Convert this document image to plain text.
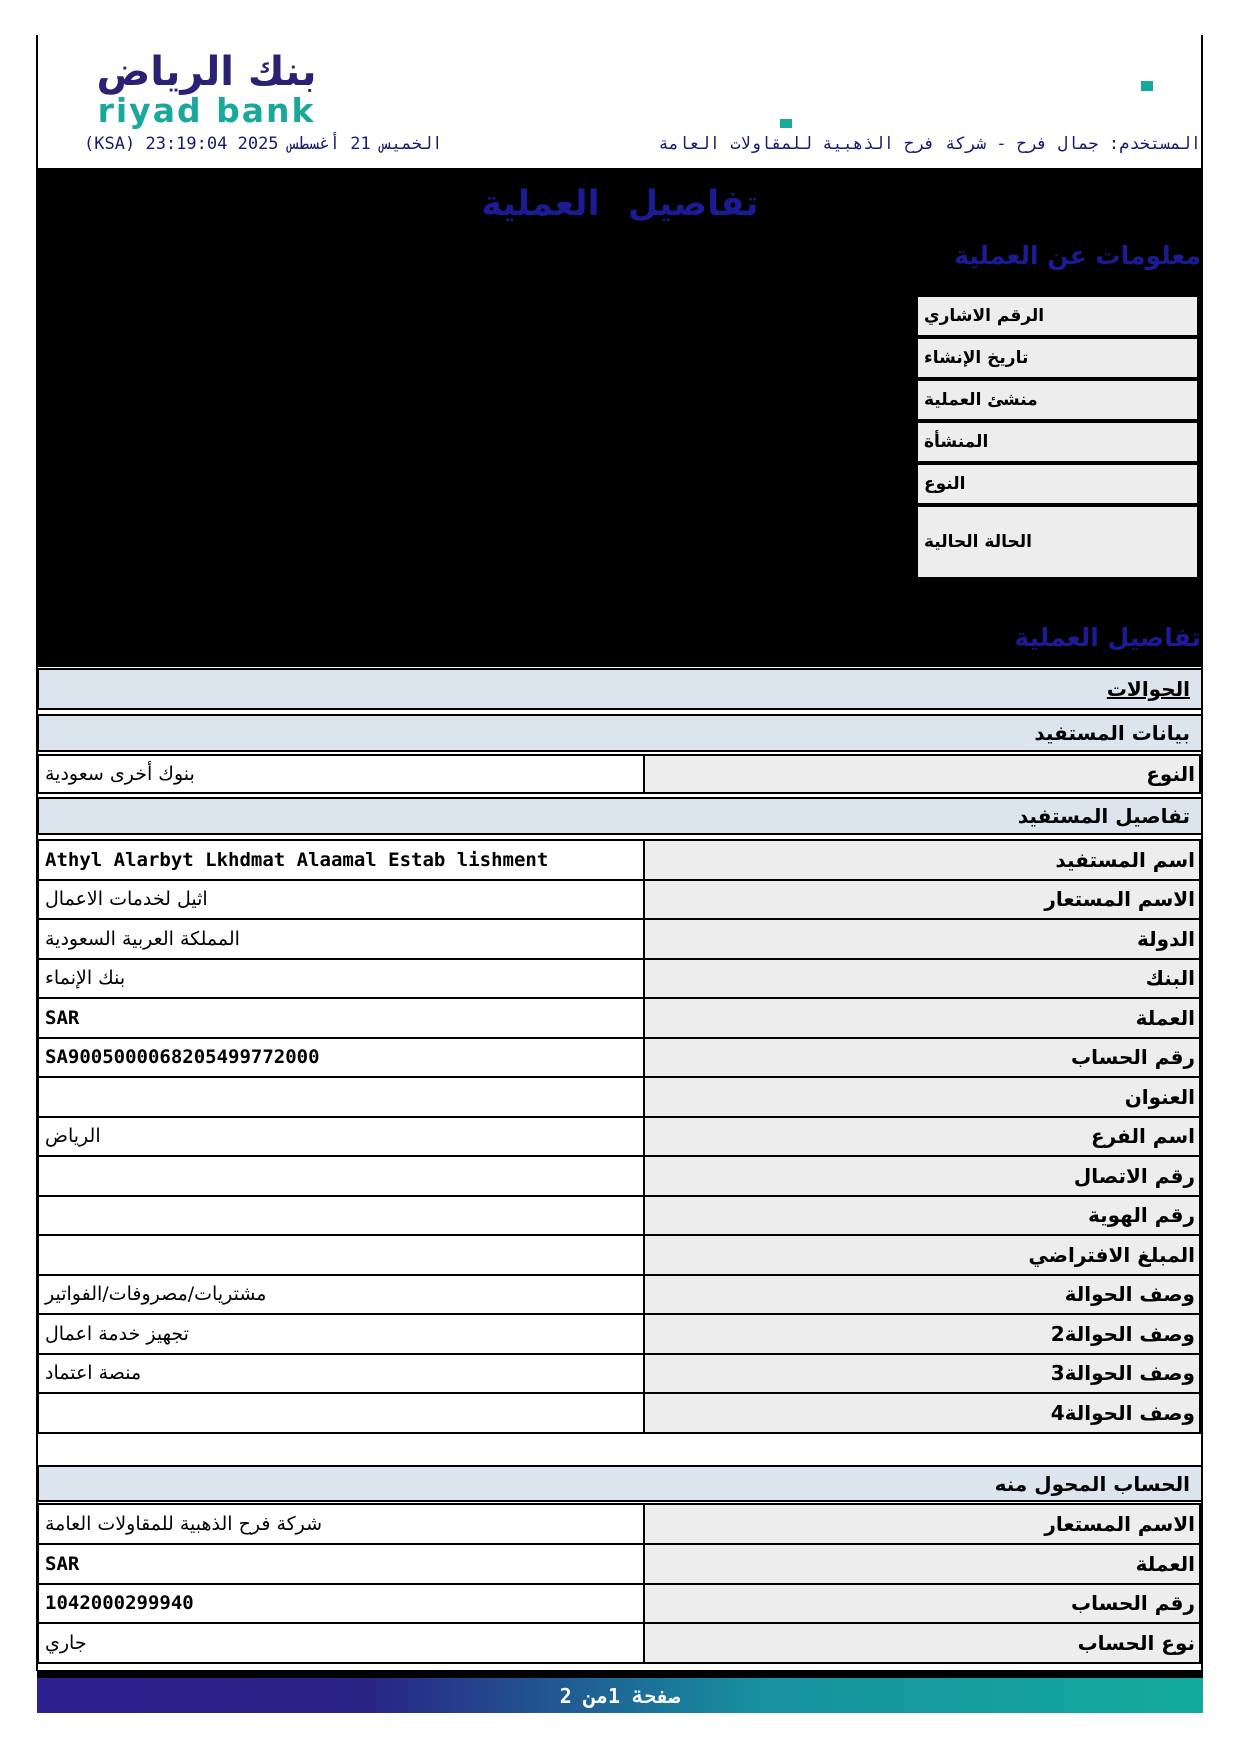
بنك الرياض
riyad bank
المستخدم: جمال فرح - شركة فرح الذهبية للمقاولات العامة
الخميس 21 أغسطس 2025 23:19:04 (KSA)
تفاصيل العملية
معلومات عن العملية
الرقم الاشاري
تاريخ الإنشاء
منشئ العملية
المنشأة
النوع
الحالة الحالية
تفاصيل العملية
الحوالات
بيانات المستفيد
بنوك أخرى سعودية	النوع
تفاصيل المستفيد
Athyl Alarbyt Lkhdmat Alaamal Estab lishment	اسم المستفيد
اثيل لخدمات الاعمال	الاسم المستعار
المملكة العربية السعودية	الدولة
بنك الإنماء	البنك
SAR	العملة
SA9005000068205499772000	رقم الحساب
العنوان
الرياض	اسم الفرع
رقم الاتصال
رقم الهوية
المبلغ الافتراضي
مشتريات/مصروفات/الفواتير	وصف الحوالة
تجهيز خدمة اعمال	وصف الحوالة2
منصة اعتماد	وصف الحوالة3
وصف الحوالة4
الحساب المحول منه
شركة فرح الذهبية للمقاولات العامة	الاسم المستعار
SAR	العملة
1042000299940	رقم الحساب
جاري	نوع الحساب
صفحة 1من 2
